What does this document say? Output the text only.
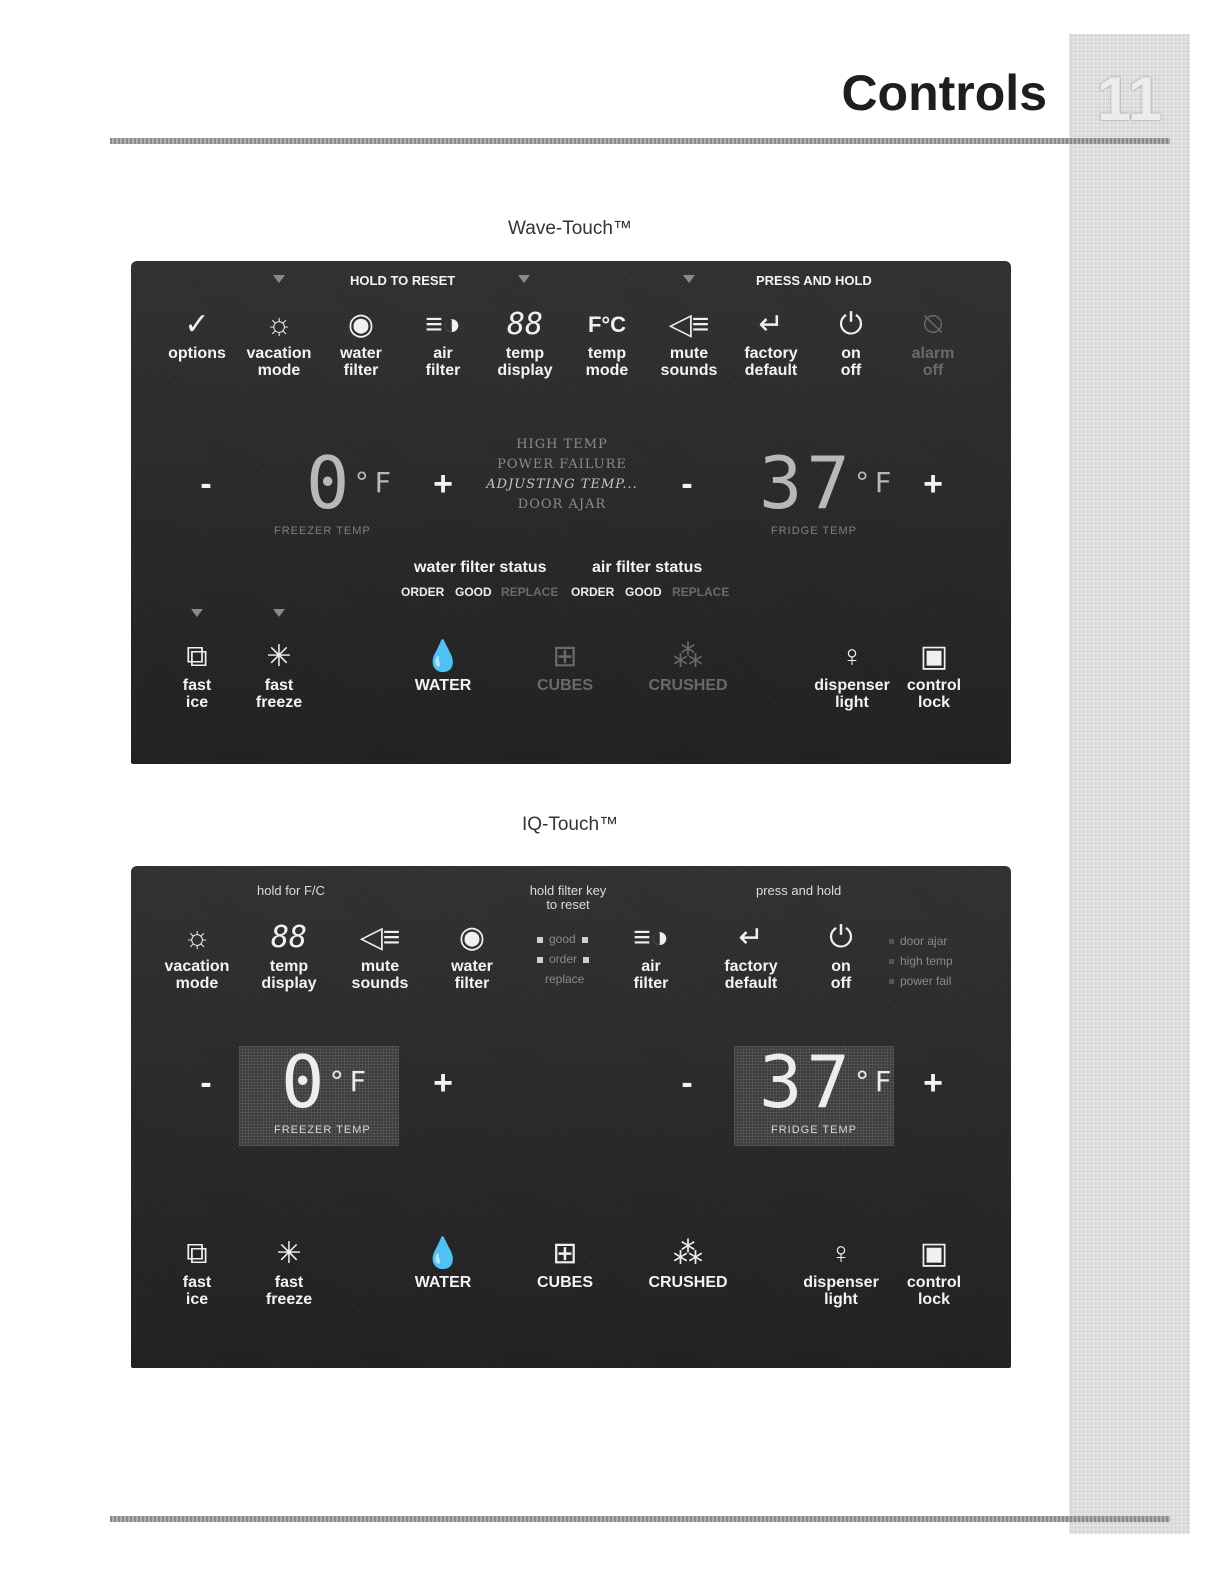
11
Controls
Wave-Touch™
HOLD TO RESET	PRESS AND HOLD
✓
options
☼
vacation
mode
◉
water
filter
≡◑
air
filter
88
temp
display
F°C
temp
mode
◁≡
mute
sounds
↵
factory
default
⏻
on
off
⍉
alarm
off
- $0^{^\circ F}$ +
FREEZER TEMP
HIGH TEMP
POWER FAILURE
ADJUSTING TEMP...
DOOR AJAR
- $37^{^\circ F}$ +
FRIDGE TEMP
water filter status
ORDER GOOD REPLACE
air filter status
ORDER GOOD REPLACE
⧉
fast
ice
✳
fast
freeze
💧
WATER
⊞
CUBES
⁂
CRUSHED
♀
dispenser
light
▣
control
lock
IQ-Touch™
hold for F/C	hold filter key
to reset
press and hold
☼
vacation
mode
88
temp
display
◁≡
mute
sounds
◉
water
filter
good
order
replace
≡◑
air
filter
↵
factory
default
⏻
on
off
door ajar
high temp
power fail
- $0^{^\circ F}$
FREEZER TEMP
+	- $37^{^\circ F}$
FRIDGE TEMP
+
⧉
fast
ice
✳
fast
freeze
💧
WATER
⊞
CUBES
⁂
CRUSHED
♀
dispenser
light
▣
control
lock
